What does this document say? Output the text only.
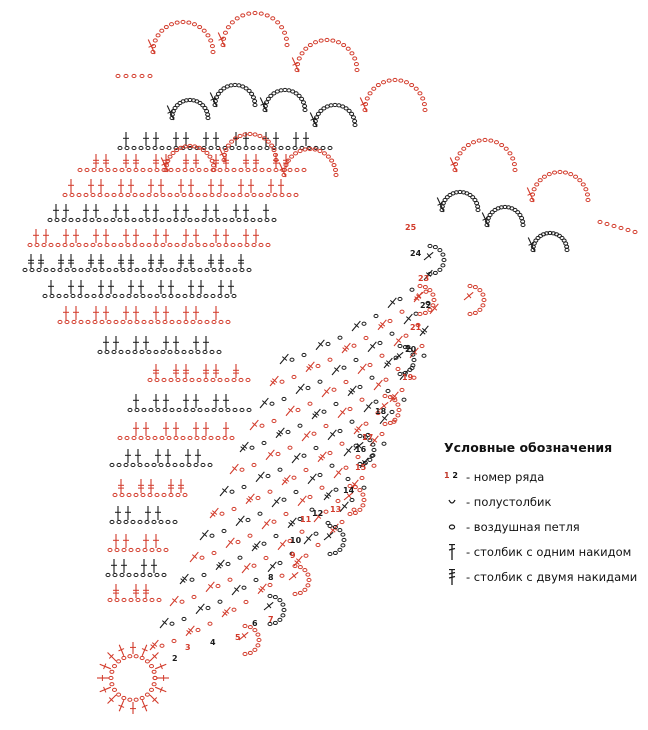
2
3
4
5
6 7
8
9
10
11
12 13
14
15
16
17
18
19
20
21
22
23
24
25
Условные обозначения
1 2 - номер ряда
- полустолбик
- воздушная петля
- столбик с одним накидом
- столбик с двумя накидами
